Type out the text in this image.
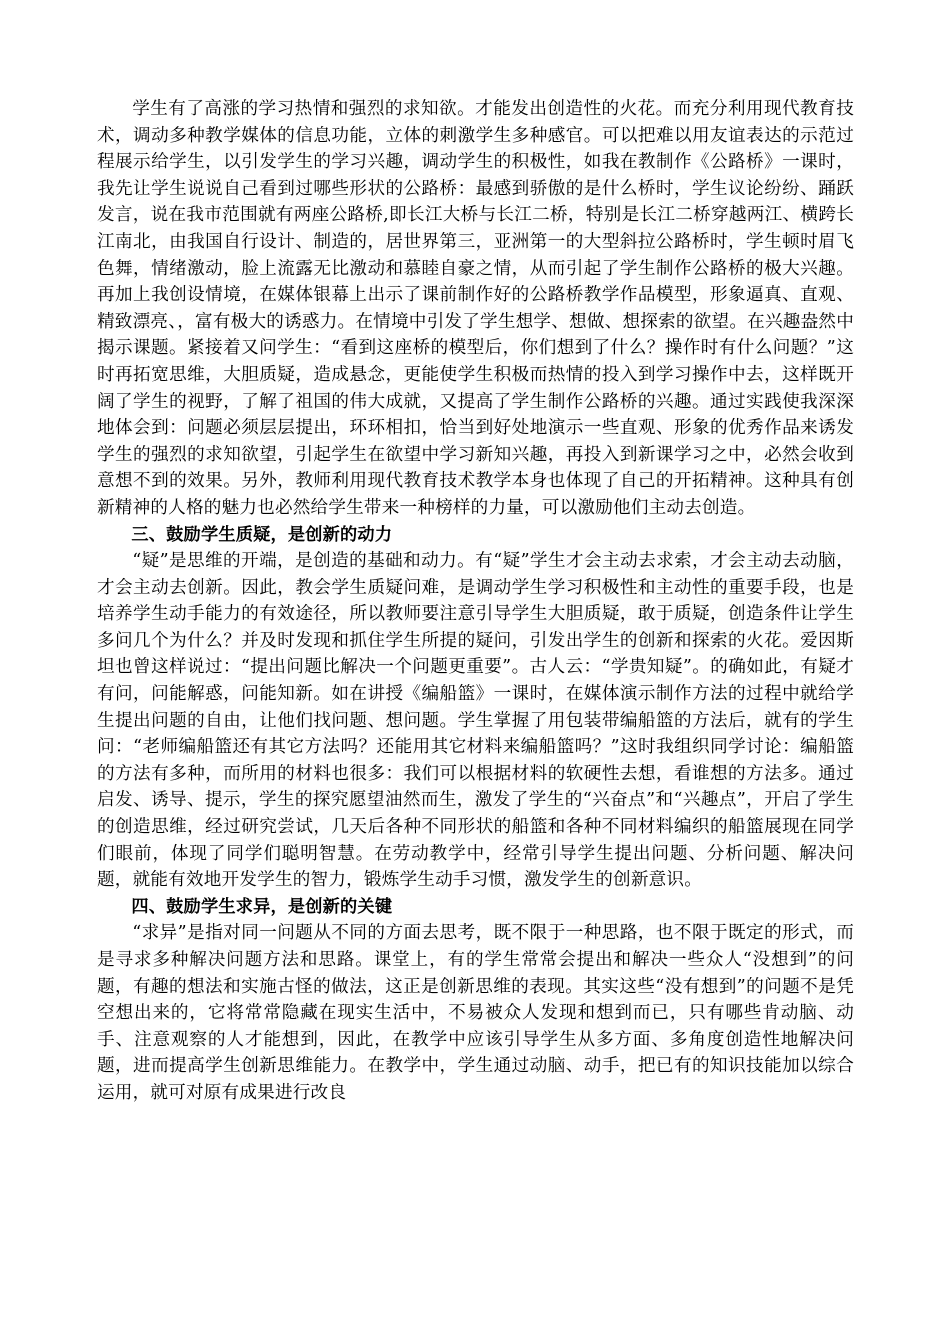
学生有了高涨的学习热情和强烈的求知欲。才能发出创造性的火花。而充分利用现代教育技术，调动多种教学媒体的信息功能，立体的刺激学生多种感官。可以把难以用友谊表达的示范过程展示给学生，以引发学生的学习兴趣，调动学生的积极性，如我在教制作《公路桥》一课时，我先让学生说说自己看到过哪些形状的公路桥：最感到骄傲的是什么桥时，学生议论纷纷、踊跃发言，说在我市范围就有两座公路桥,即长江大桥与长江二桥，特别是长江二桥穿越两江、横跨长江南北，由我国自行设计、制造的，居世界第三，亚洲第一的大型斜拉公路桥时，学生顿时眉飞色舞，情绪激动，脸上流露无比激动和慕睦自豪之情，从而引起了学生制作公路桥的极大兴趣。再加上我创设情境，在媒体银幕上出示了课前制作好的公路桥教学作品模型，形象逼真、直观、精致漂亮、，富有极大的诱惑力。在情境中引发了学生想学、想做、想探索的欲望。在兴趣盎然中揭示课题。紧接着又问学生：“看到这座桥的模型后，你们想到了什么？操作时有什么问题？”这时再拓宽思维，大胆质疑，造成悬念，更能使学生积极而热情的投入到学习操作中去，这样既开阔了学生的视野，了解了祖国的伟大成就，又提高了学生制作公路桥的兴趣。通过实践使我深深地体会到：问题必须层层提出，环环相扣，恰当到好处地演示一些直观、形象的优秀作品来诱发学生的强烈的求知欲望，引起学生在欲望中学习新知兴趣，再投入到新课学习之中，必然会收到意想不到的效果。另外，教师利用现代教育技术教学本身也体现了自己的开拓精神。这种具有创新精神的人格的魅力也必然给学生带来一种榜样的力量，可以激励他们主动去创造。

三、鼓励学生质疑，是创新的动力

“疑”是思维的开端，是创造的基础和动力。有“疑”学生才会主动去求索，才会主动去动脑，才会主动去创新。因此，教会学生质疑问难，是调动学生学习积极性和主动性的重要手段，也是培养学生动手能力的有效途径，所以教师要注意引导学生大胆质疑，敢于质疑，创造条件让学生多问几个为什么？并及时发现和抓住学生所提的疑问，引发出学生的创新和探索的火花。爱因斯坦也曾这样说过：“提出问题比解决一个问题更重要”。古人云：“学贵知疑”。的确如此，有疑才有问，问能解惑，问能知新。如在讲授《编船篮》一课时，在媒体演示制作方法的过程中就给学生提出问题的自由，让他们找问题、想问题。学生掌握了用包装带编船篮的方法后，就有的学生问：“老师编船篮还有其它方法吗？还能用其它材料来编船篮吗？”这时我组织同学讨论：编船篮的方法有多种，而所用的材料也很多：我们可以根据材料的软硬性去想，看谁想的方法多。通过启发、诱导、提示，学生的探究愿望油然而生，激发了学生的“兴奋点”和“兴趣点”，开启了学生的创造思维，经过研究尝试，几天后各种不同形状的船篮和各种不同材料编织的船篮展现在同学们眼前，体现了同学们聪明智慧。在劳动教学中，经常引导学生提出问题、分析问题、解决问题，就能有效地开发学生的智力，锻炼学生动手习惯，激发学生的创新意识。

四、鼓励学生求异，是创新的关键

“求异”是指对同一问题从不同的方面去思考，既不限于一种思路，也不限于既定的形式，而是寻求多种解决问题方法和思路。课堂上，有的学生常常会提出和解决一些众人“没想到”的问题，有趣的想法和实施古怪的做法，这正是创新思维的表现。其实这些“没有想到”的问题不是凭空想出来的，它将常常隐藏在现实生活中，不易被众人发现和想到而已，只有哪些肯动脑、动手、注意观察的人才能想到，因此，在教学中应该引导学生从多方面、多角度创造性地解决问题，进而提高学生创新思维能力。在教学中，学生通过动脑、动手，把已有的知识技能加以综合运用，就可对原有成果进行改良
